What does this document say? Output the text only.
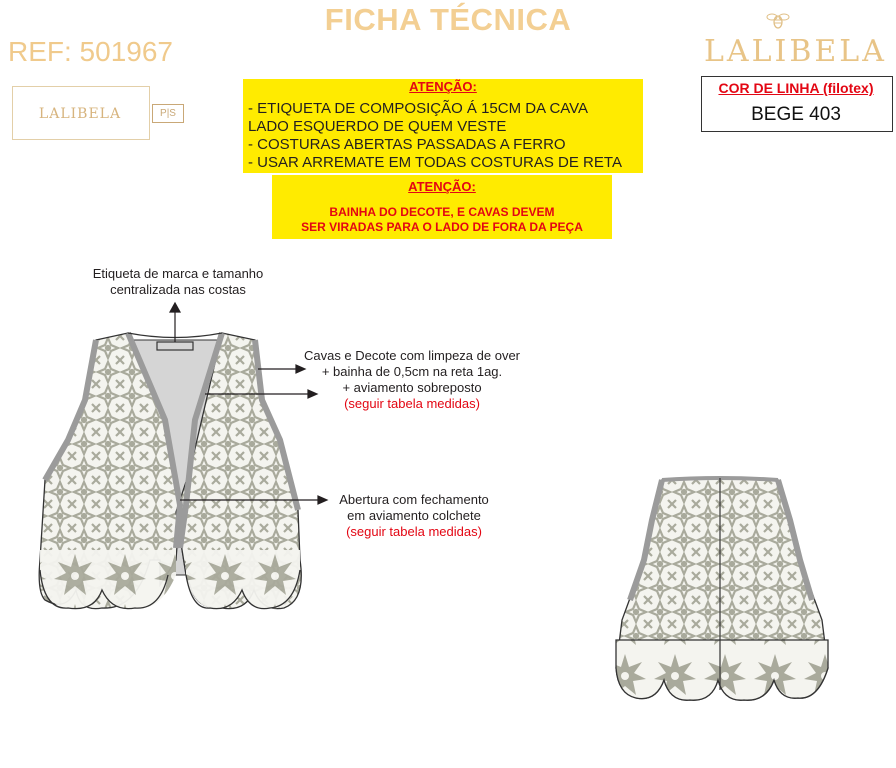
FICHA TÉCNICA
REF: 501967	LALIBELA
LALIBELA	P|S
ATENÇÃO:
- ETIQUETA DE COMPOSIÇÃO Á 15CM DA CAVA
LADO ESQUERDO DE QUEM VESTE
- COSTURAS ABERTAS PASSADAS A FERRO
- USAR ARREMATE EM TODAS COSTURAS DE RETA
ATENÇÃO:
BAINHA DO DECOTE, E CAVAS DEVEM
SER VIRADAS PARA O LADO DE FORA DA PEÇA
COR DE LINHA (filotex)
BEGE 403
Etiqueta de marca e tamanho
centralizada nas costas
Cavas e Decote com limpeza de over
+ bainha de 0,5cm na reta 1ag.
+ aviamento sobreposto
(seguir tabela medidas)
Abertura com fechamento
em aviamento colchete
(seguir tabela medidas)
